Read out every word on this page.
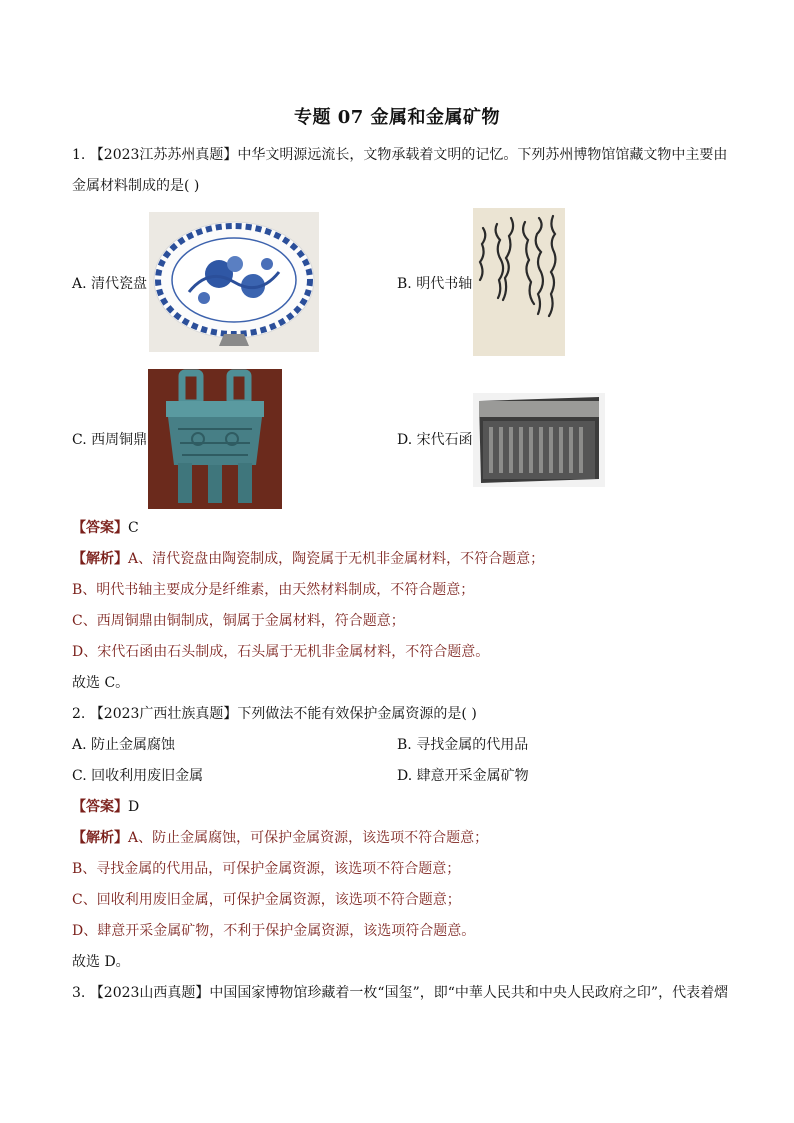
专题 07 金属和金属矿物
1. 【2023江苏苏州真题】中华文明源远流长，文物承载着文明的记忆。下列苏州博物馆馆藏文物中主要由
金属材料制成的是( )
A. 清代瓷盘	B. 明代书轴
C. 西周铜鼎	D. 宋代石函
【答案】C
【解析】A、清代瓷盘由陶瓷制成，陶瓷属于无机非金属材料，不符合题意；
B、明代书轴主要成分是纤维素，由天然材料制成，不符合题意；
C、西周铜鼎由铜制成，铜属于金属材料，符合题意；
D、宋代石函由石头制成，石头属于无机非金属材料，不符合题意。
故选 C。
2. 【2023广西壮族真题】下列做法不能有效保护金属资源的是( )
A. 防止金属腐蚀	B. 寻找金属的代用品
C. 回收利用废旧金属	D. 肆意开采金属矿物
【答案】D
【解析】A、防止金属腐蚀，可保护金属资源，该选项不符合题意；
B、寻找金属的代用品，可保护金属资源，该选项不符合题意；
C、回收利用废旧金属，可保护金属资源，该选项不符合题意；
D、肆意开采金属矿物，不利于保护金属资源，该选项符合题意。
故选 D。
3. 【2023山西真题】中国国家博物馆珍藏着一枚“国玺”，即“中華人民共和中央人民政府之印”，代表着熠
